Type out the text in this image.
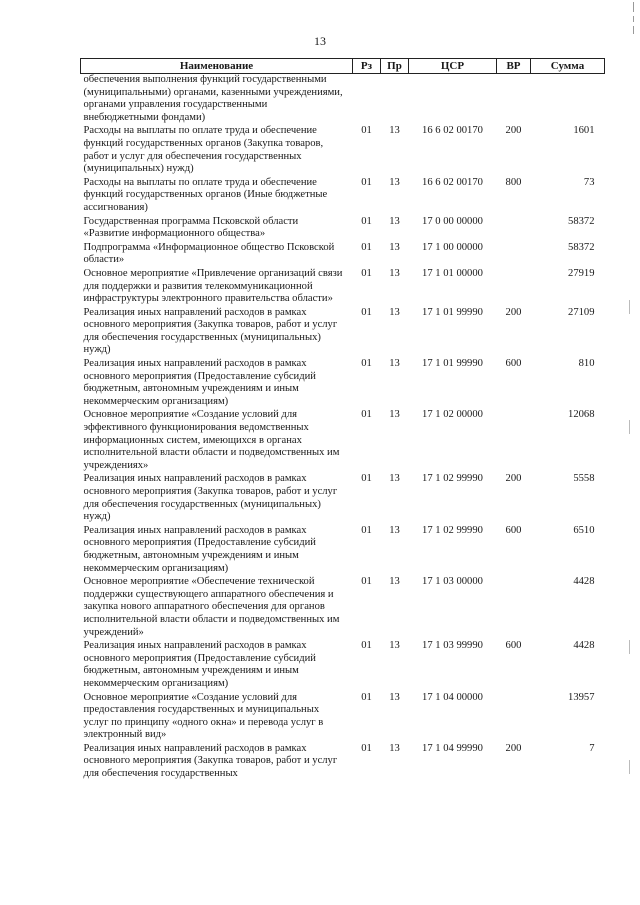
13
Наименование	Рз	Пр	ЦСР	ВР	Сумма
обеспечения выполнения функций государственными (муниципальными) органами, казенными учреждениями, органами управления государственными внебюджетными фондами)					
Расходы на выплаты по оплате труда и обеспечение функций государственных органов (Закупка товаров, работ и услуг для обеспечения государственных (муниципальных) нужд)	01	13	16 6 02 00170	200	1601
Расходы на выплаты по оплате труда и обеспечение функций государственных органов (Иные бюджетные ассигнования)	01	13	16 6 02 00170	800	73
Государственная программа Псковской области «Развитие информационного общества»	01	13	17 0 00 00000		58372
Подпрограмма «Информационное общество Псковской области»	01	13	17 1 00 00000		58372
Основное мероприятие «Привлечение организаций связи для поддержки и развития телекоммуникационной инфраструктуры электронного правительства области»	01	13	17 1 01 00000		27919
Реализация иных направлений расходов в рамках основного мероприятия (Закупка товаров, работ и услуг для обеспечения государственных (муниципальных) нужд)	01	13	17 1 01 99990	200	27109
Реализация иных направлений расходов в рамках основного мероприятия (Предоставление субсидий бюджетным, автономным учреждениям и иным некоммерческим организациям)	01	13	17 1 01 99990	600	810
Основное мероприятие «Создание условий для эффективного функционирования ведомственных информационных систем, имеющихся в органах исполнительной власти области и подведомственных им учреждениях»	01	13	17 1 02 00000		12068
Реализация иных направлений расходов в рамках основного мероприятия (Закупка товаров, работ и услуг для обеспечения государственных (муниципальных) нужд)	01	13	17 1 02 99990	200	5558
Реализация иных направлений расходов в рамках основного мероприятия (Предоставление субсидий бюджетным, автономным учреждениям и иным некоммерческим организациям)	01	13	17 1 02 99990	600	6510
Основное мероприятие «Обеспечение технической поддержки существующего аппаратного обеспечения и закупка нового аппаратного обеспечения для органов исполнительной власти области и подведомственных им учреждений»	01	13	17 1 03 00000		4428
Реализация иных направлений расходов в рамках основного мероприятия (Предоставление субсидий бюджетным, автономным учреждениям и иным некоммерческим организациям)	01	13	17 1 03 99990	600	4428
Основное мероприятие «Создание условий для предоставления государственных и муниципальных услуг по принципу «одного окна» и перевода услуг в электронный вид»	01	13	17 1 04 00000		13957
Реализация иных направлений расходов в рамках основного мероприятия (Закупка товаров, работ и услуг для обеспечения государственных	01	13	17 1 04 99990	200	7
